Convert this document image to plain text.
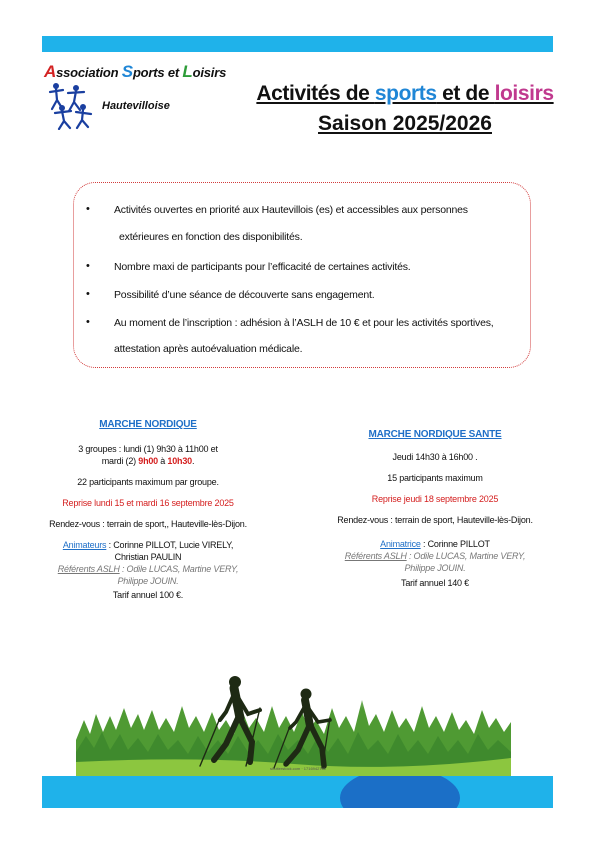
Association Sports et Loisirs
Hautevilloise
Activités de sports et de loisirs
Saison 2025/2026
• Activités ouvertes en priorité aux Hautevillois (es) et accessibles aux personnes
extérieures en fonction des disponibilités.
• Nombre maxi de participants pour l’efficacité de certaines activités.
• Possibilité d’une séance de découverte sans engagement.
• Au moment de l’inscription : adhésion à l’ASLH de 10 € et pour les activités sportives,
attestation après autoévaluation médicale.
MARCHE NORDIQUE
3 groupes : lundi (1) 9h30 à 11h00 et
mardi (2) 9h00 à 10h30.
22 participants maximum par groupe.
Reprise lundi 15 et mardi 16 septembre 2025
Rendez-vous : terrain de sport,, Hauteville-lès-Dijon.
Animateurs : Corinne PILLOT, Lucie VIRELY,
Christian PAULIN
Référents ASLH : Odile LUCAS, Martine VERY,
Philippe JOUIN.
Tarif annuel 100 €.
MARCHE NORDIQUE SANTE
Jeudi 14h30 à 16h00 .
15 participants maximum
Reprise jeudi 18 septembre 2025
Rendez-vous : terrain de sport, Hauteville-lès-Dijon.
Animatrice : Corinne PILLOT
Référents ASLH : Odile LUCAS, Martine VERY,
Philippe JOUIN.
Tarif annuel 140 €
shutterstock.com · 1716942781
